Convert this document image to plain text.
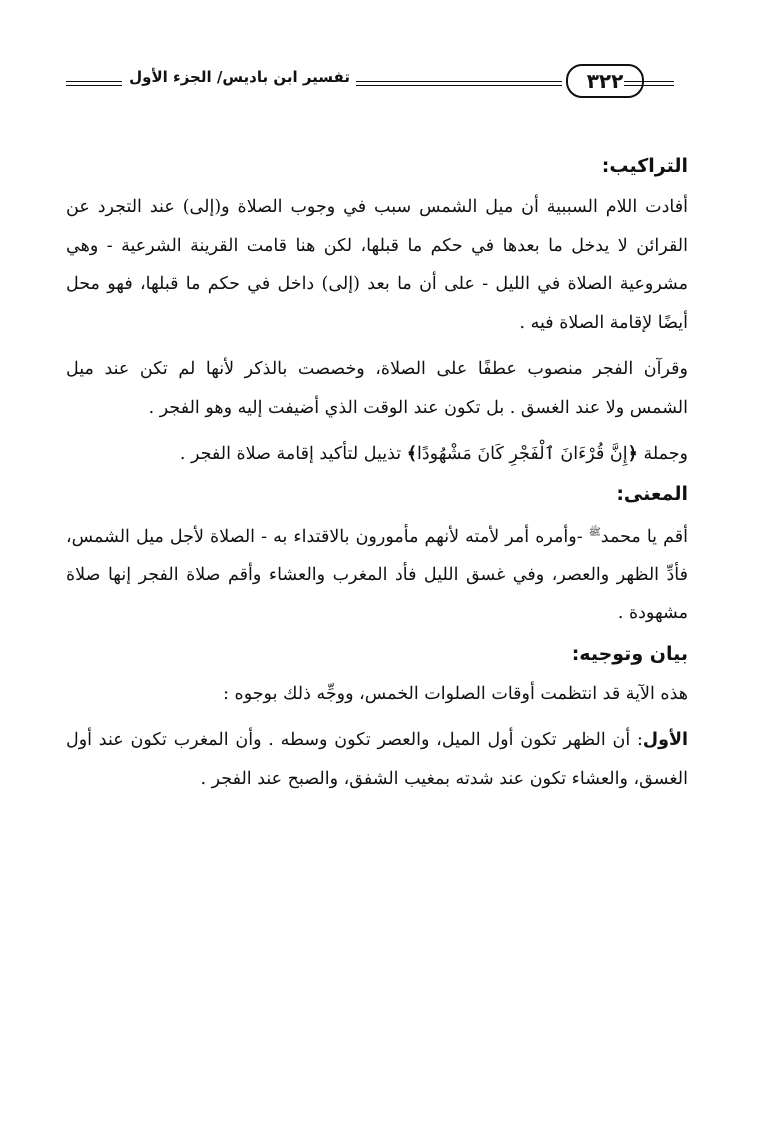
تفسير ابن باديس/ الجزء الأول	٣٢٢
التراكيب:

أفادت اللام السببية أن ميل الشمس سبب في وجوب الصلاة و(إلى) عند التجرد عن القرائن لا يدخل ما بعدها في حكم ما قبلها، لكن هنا قامت القرينة الشرعية - وهي مشروعية الصلاة في الليل - على أن ما بعد (إلى) داخل في حكم ما قبلها، فهو محل أيضًا لإقامة الصلاة فيه .

وقرآن الفجر منصوب عطفًا على الصلاة، وخصصت بالذكر لأنها لم تكن عند ميل الشمس ولا عند الغسق . بل تكون عند الوقت الذي أضيفت إليه وهو الفجر .

وجملة ﴿إِنَّ قُرْءَانَ ٱلْفَجْرِ كَانَ مَشْهُودًا﴾ تذييل لتأكيد إقامة صلاة الفجر .

المعنى:

أقم يا محمد$^ﷺ$ -وأمره أمر لأمته لأنهم مأمورون بالاقتداء به - الصلاة لأجل ميل الشمس، فأدِّ الظهر والعصر، وفي غسق الليل فأد المغرب والعشاء وأقم صلاة الفجر إنها صلاة مشهودة .

بيان وتوجيه:

هذه الآية قد انتظمت أوقات الصلوات الخمس، ووجِّه ذلك بوجوه :

الأول: أن الظهر تكون أول الميل، والعصر تكون وسطه . وأن المغرب تكون عند أول الغسق، والعشاء تكون عند شدته بمغيب الشفق، والصبح عند الفجر .
